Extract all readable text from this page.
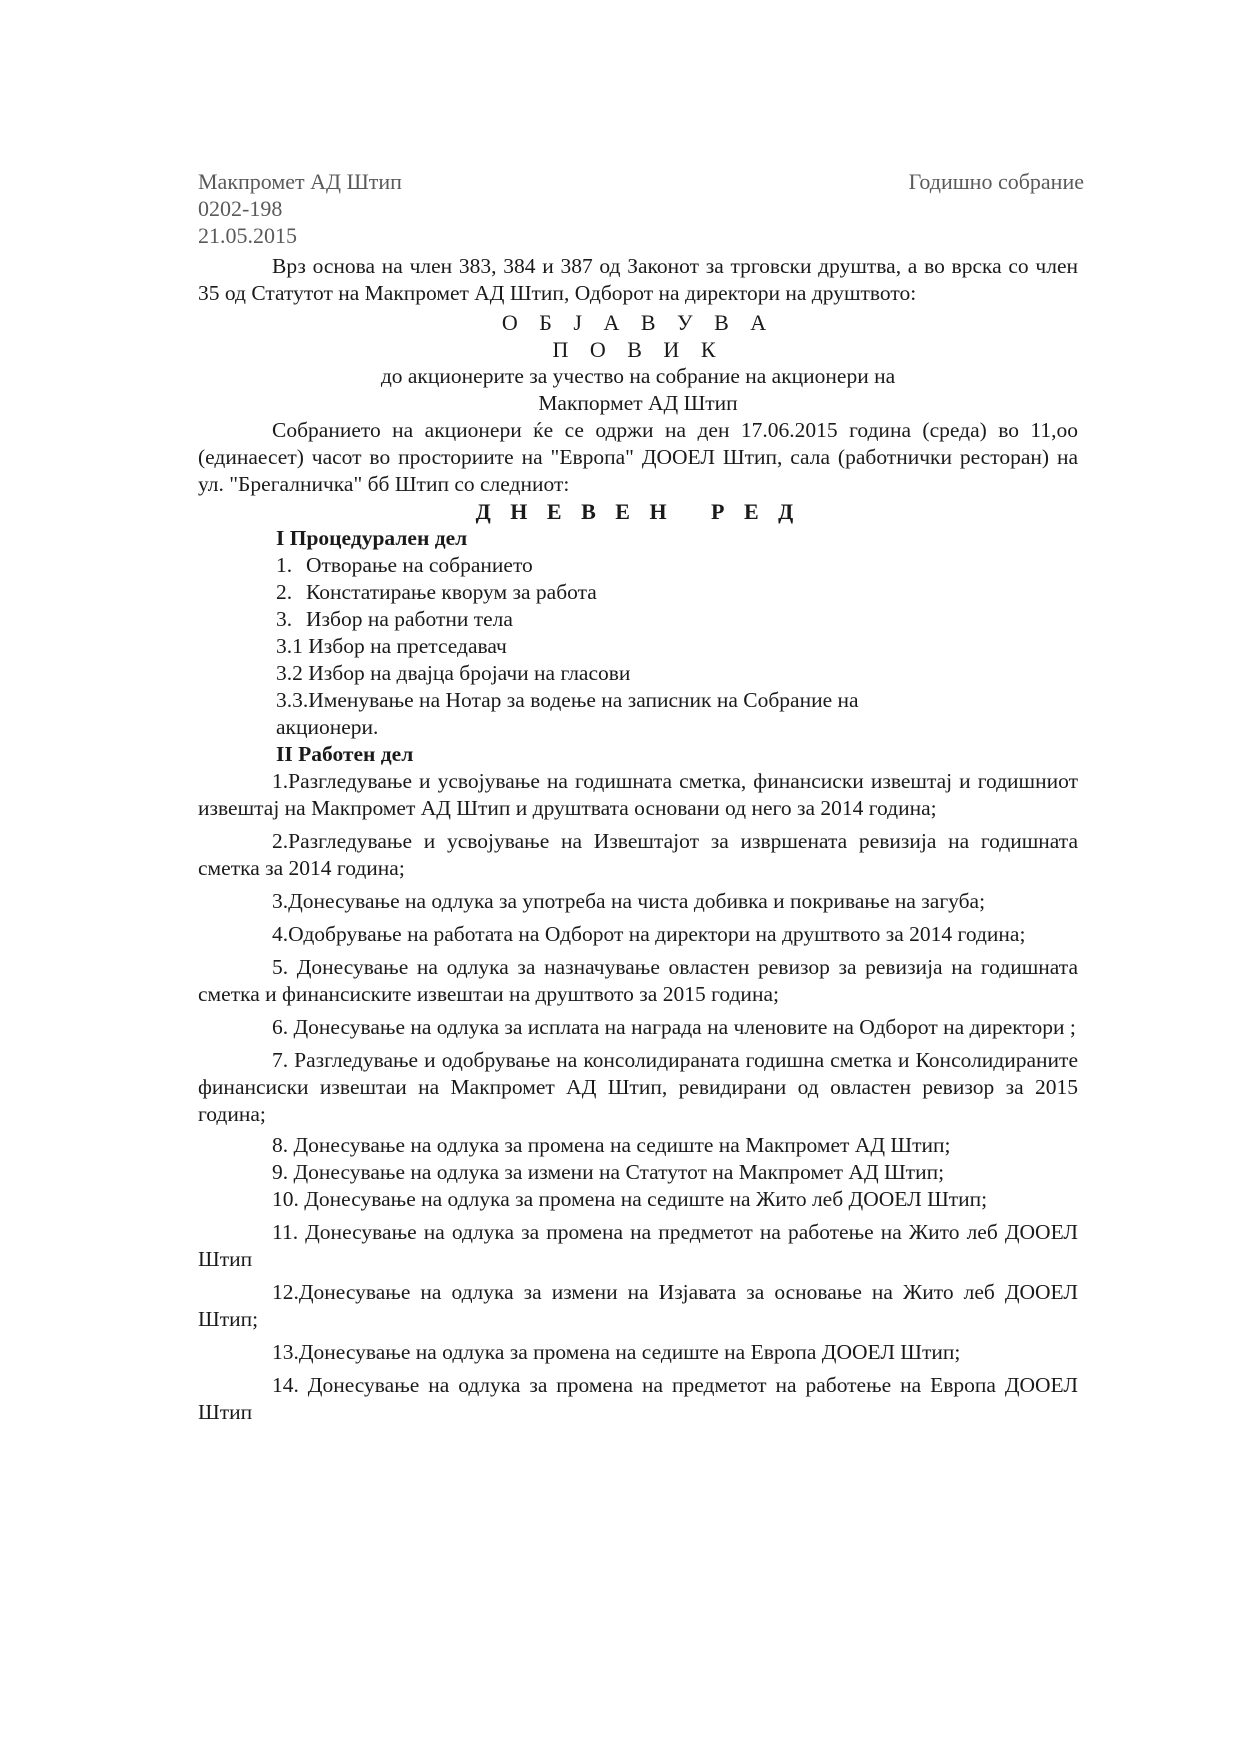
Макпромет АД Штип	Годишно собрание
0202-198
21.05.2015

Врз основа на член 383, 384 и 387 од Законот за трговски друштва, а во врска со член 35 од Статутот на Макпромет АД Штип, Одборот на директори на друштвото:

О Б Ј А В У В А
П О В И К
до акционерите за учество на собрание на акционери на
Макпормет АД Штип

Собранието на акционери ќе се одржи на ден 17.06.2015 година (среда) во 11,оо (единаесет) часот во просториите на "Европа" ДООЕЛ Штип, сала (работнички ресторан) на ул. "Брегалничка" бб Штип со следниот:

Д Н Е В Е Н   Р Е Д
I Процедурален дел
1. Отворање на собранието
2. Констатирање кворум за работа
3. Избор на работни тела
3.1 Избор на претседавач
3.2 Избор на двајца бројачи на гласови
3.3.Именување на Нотар за водење на записник на Собрание на акционери.
II Работен дел

1.Разгледување и усвојување на годишната сметка, финансиски извештај и годишниот извештај на Макпромет АД Штип и друштвата основани од него за 2014 година;

2.Разгледување и усвојување на Извештајот за извршената ревизија на годишната сметка за 2014 година;

3.Донесување на одлука за употреба на чиста добивка и покривање на загуба;

4.Одобрување на работата на Одборот на директори на друштвото за 2014 година;

5. Донесување на одлука за назначување овластен ревизор за ревизија на годишната сметка и финансиските извештаи на друштвото за 2015 година;

6. Донесување на одлука за исплата на награда на членовите на Одборот на директори ;

7. Разгледување и одобрување на консолидираната годишна сметка и Консолидираните финансиски извештаи на Макпромет АД Штип, ревидирани од овластен ревизор за 2015 година;

8. Донесување на одлука за промена на седиште на Макпромет АД Штип;

9. Донесување на одлука за измени на Статутот на Макпромет АД Штип;

10. Донесување на одлука за промена на седиште на Жито леб ДООЕЛ Штип;

11. Донесување на одлука за промена на предметот на работење на Жито леб ДООЕЛ Штип

12.Донесување на одлука за измени на Изјавата за основање на Жито леб ДООЕЛ Штип;

13.Донесување на одлука за промена на седиште на Европа ДООЕЛ Штип;

14. Донесување на одлука за промена на предметот на работење на Европа ДООЕЛ Штип
